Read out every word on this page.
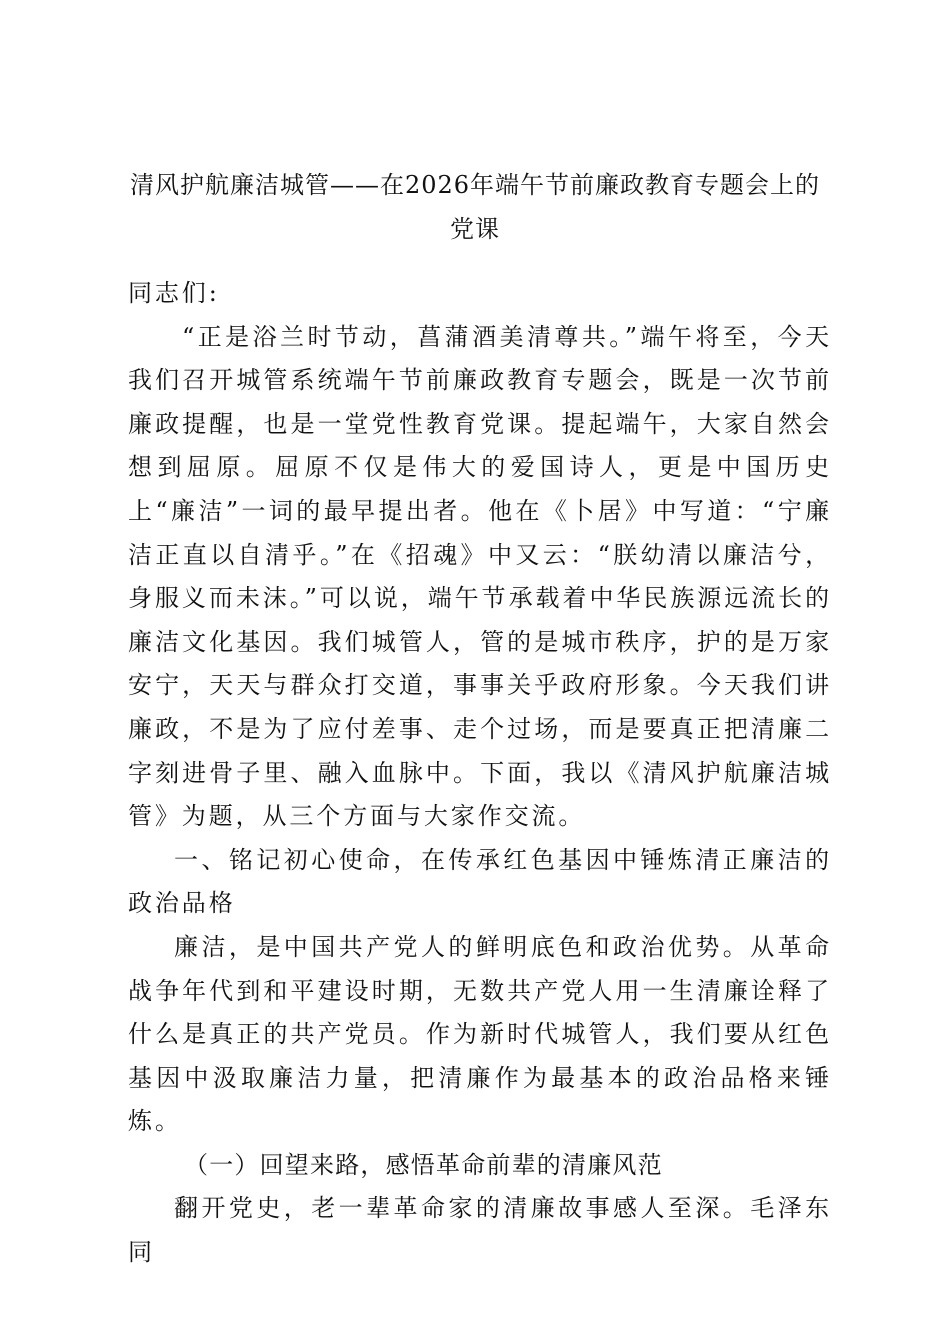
清风护航廉洁城管——在2026年端午节前廉政教育专题会上的
党课

同志们:

“正是浴兰时节动，菖蒲酒美清尊共。”端午将至，今天我们召开城管系统端午节前廉政教育专题会，既是一次节前廉政提醒，也是一堂党性教育党课。提起端午，大家自然会想到屈原。屈原不仅是伟大的爱国诗人，更是中国历史上“廉洁”一词的最早提出者。他在《卜居》中写道：“宁廉洁正直以自清乎。”在《招魂》中又云：“朕幼清以廉洁兮，身服义而未沫。”可以说，端午节承载着中华民族源远流长的廉洁文化基因。我们城管人，管的是城市秩序，护的是万家安宁，天天与群众打交道，事事关乎政府形象。今天我们讲廉政，不是为了应付差事、走个过场，而是要真正把清廉二字刻进骨子里、融入血脉中。下面，我以《清风护航廉洁城管》为题，从三个方面与大家作交流。

一、铭记初心使命，在传承红色基因中锤炼清正廉洁的政治品格

廉洁，是中国共产党人的鲜明底色和政治优势。从革命战争年代到和平建设时期，无数共产党人用一生清廉诠释了什么是真正的共产党员。作为新时代城管人，我们要从红色基因中汲取廉洁力量，把清廉作为最基本的政治品格来锤炼。

（一）回望来路，感悟革命前辈的清廉风范

翻开党史，老一辈革命家的清廉故事感人至深。毛泽东同
